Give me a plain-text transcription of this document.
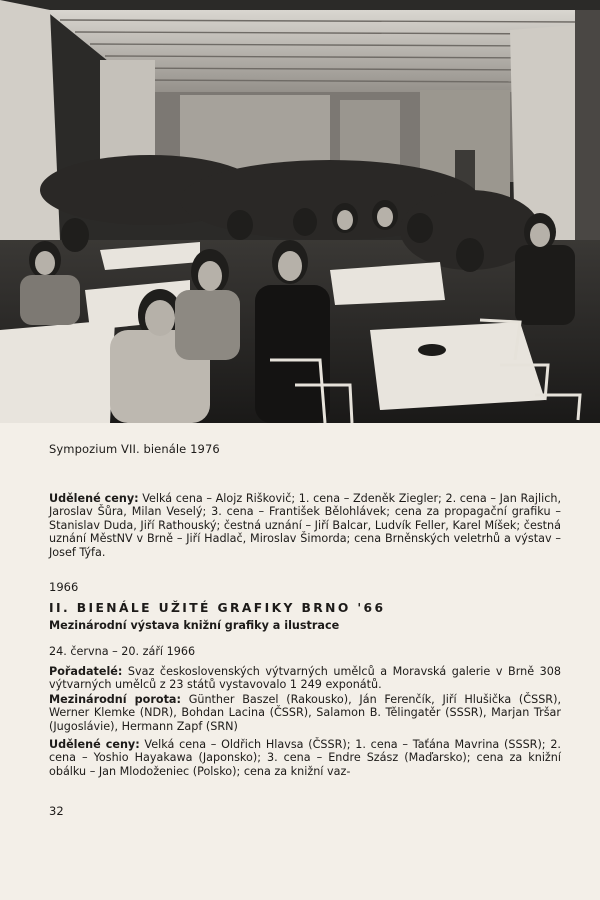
Sympozium VII. bienále 1976
Udělené ceny: Velká cena – Alojz Riškovič; 1. cena – Zdeněk Ziegler; 2. cena – Jan Rajlich, Jaroslav Šůra, Milan Veselý; 3. cena – František Bělohlávek; cena za propagační grafiku – Stanislav Duda, Jiří Rathouský; čestná uznání – Jiří Balcar, Ludvík Feller, Karel Míšek; čestná uznání MěstNV v Brně – Jiří Hadlač, Miroslav Šimorda; cena Brněnských veletrhů a výstav – Josef Týfa.
1966
II. BIENÁLE UŽITÉ GRAFIKY BRNO '66
Mezinárodní výstava knižní grafiky a ilustrace
24. června – 20. září 1966
Pořadatelé: Svaz československých výtvarných umělců a Moravská galerie v Brně 308 výtvarných umělců z 23 států vystavovalo 1 249 exponátů.
Mezinárodní porota: Günther Baszel (Rakousko), Ján Ferenčík, Jiří Hlušička (ČSSR), Werner Klemke (NDR), Bohdan Lacina (ČSSR), Salamon B. Tělingatěr (SSSR), Marjan Tršar (Jugoslávie), Hermann Zapf (SRN)
Udělené ceny: Velká cena – Oldřich Hlavsa (ČSSR); 1. cena – Taťána Mavrina (SSSR); 2. cena – Yoshio Hayakawa (Japonsko); 3. cena – Endre Szász (Maďarsko); cena za knižní obálku – Jan Mlodoženiec (Polsko); cena za knižní vaz-
32
